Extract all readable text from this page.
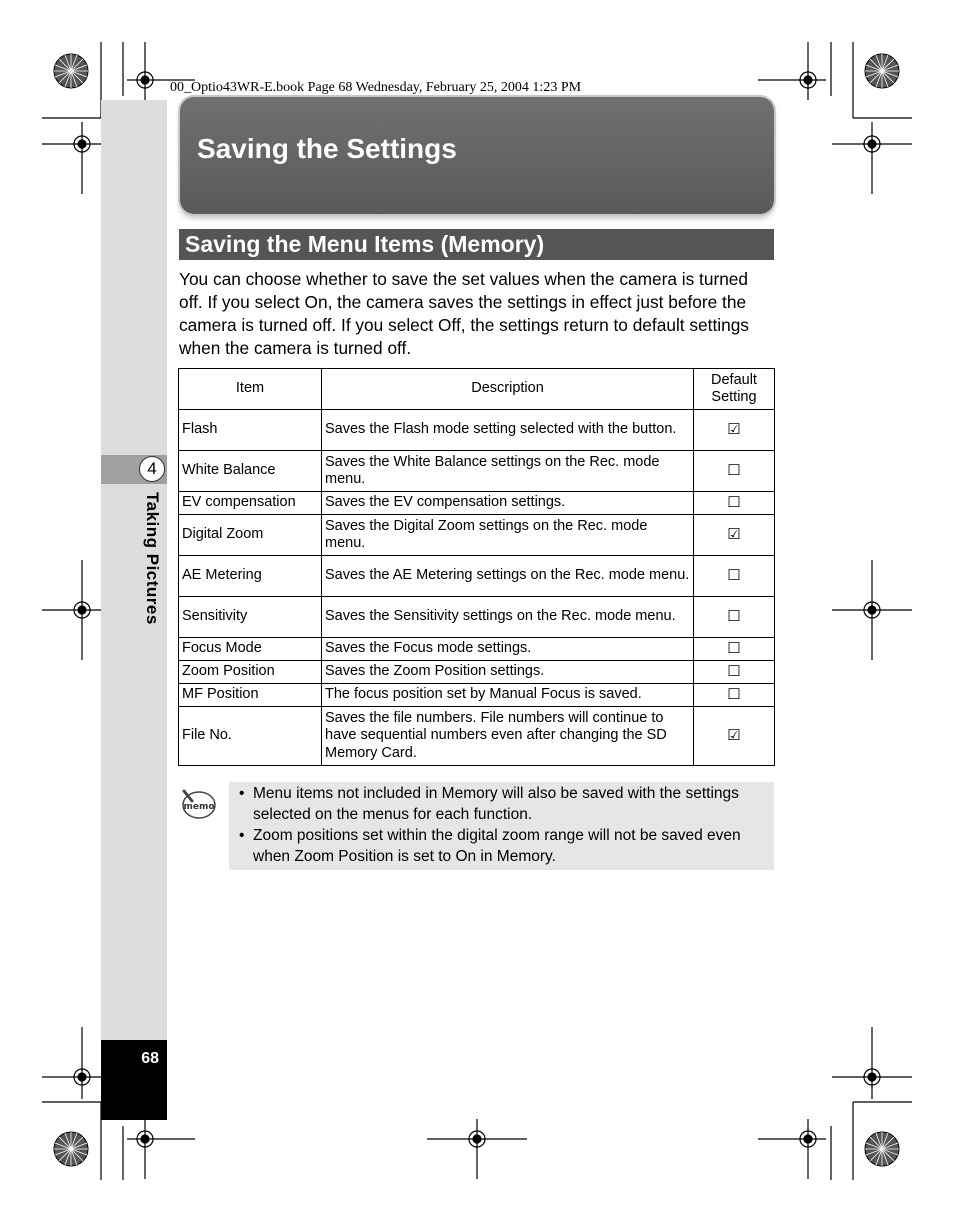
00_Optio43WR-E.book Page 68 Wednesday, February 25, 2004 1:23 PM
4
Taking Pictures
68
Saving the Settings
Saving the Menu Items (Memory)
You can choose whether to save the set values when the camera is turned off. If you select On, the camera saves the settings in effect just before the camera is turned off. If you select Off, the settings return to default settings when the camera is turned off.
Item	Description	Default Setting
Flash	Saves the Flash mode setting selected with the button.	☑
White Balance	Saves the White Balance settings on the Rec. mode menu.	☐
EV compensation	Saves the EV compensation settings.	☐
Digital Zoom	Saves the Digital Zoom settings on the Rec. mode menu.	☑
AE Metering	Saves the AE Metering settings on the Rec. mode menu.	☐
Sensitivity	Saves the Sensitivity settings on the Rec. mode menu.	☐
Focus Mode	Saves the Focus mode settings.	☐
Zoom Position	Saves the Zoom Position settings.	☐
MF Position	The focus position set by Manual Focus is saved.	☐
File No.	Saves the file numbers. File numbers will continue to have sequential numbers even after changing the SD Memory Card.	☑
memo
• Menu items not included in Memory will also be saved with the settings selected on the menus for each function.
• Zoom positions set within the digital zoom range will not be saved even when Zoom Position is set to On in Memory.
